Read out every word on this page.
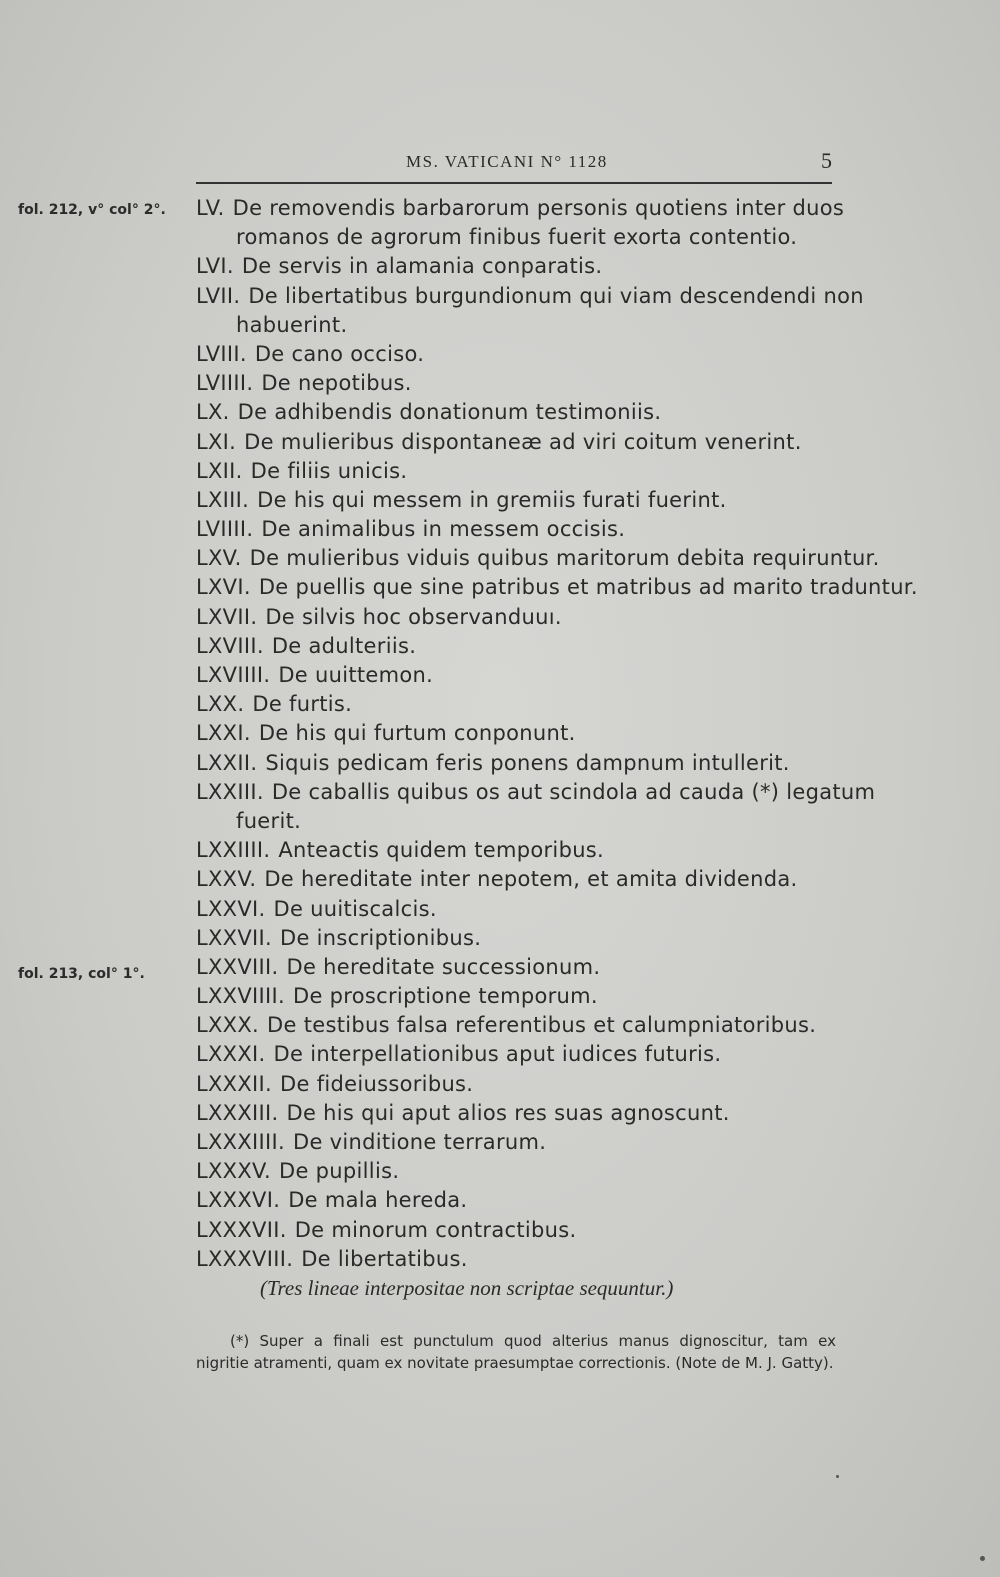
MS. VATICANI N° 1128	5
fol. 212, v° col° 2°.
fol. 213, col° 1°.
LV. De removendis barbarorum personis quotiens inter duos
romanos de agrorum finibus fuerit exorta contentio.
LVI. De servis in alamania conparatis.
LVII. De libertatibus burgundionum qui viam descendendi non
habuerint.
LVIII. De cano occiso.
LVIIII. De nepotibus.
LX. De adhibendis donationum testimoniis.
LXI. De mulieribus dispontaneæ ad viri coitum venerint.
LXII. De filiis unicis.
LXIII. De his qui messem in gremiis furati fuerint.
LVIIII. De animalibus in messem occisis.
LXV. De mulieribus viduis quibus maritorum debita requiruntur.
LXVI. De puellis que sine patribus et matribus ad marito traduntur.
LXVII. De silvis hoc observanduuı.
LXVIII. De adulteriis.
LXVIIII. De uuittemon.
LXX. De furtis.
LXXI. De his qui furtum conponunt.
LXXII. Siquis pedicam feris ponens dampnum intullerit.
LXXIII. De caballis quibus os aut scindola ad cauda (*) legatum
fuerit.
LXXIIII. Anteactis quidem temporibus.
LXXV. De hereditate inter nepotem, et amita dividenda.
LXXVI. De uuitiscalcis.
LXXVII. De inscriptionibus.
LXXVIII. De hereditate successionum.
LXXVIIII. De proscriptione temporum.
LXXX. De testibus falsa referentibus et calumpniatoribus.
LXXXI. De interpellationibus aput iudices futuris.
LXXXII. De fideiussoribus.
LXXXIII. De his qui aput alios res suas agnoscunt.
LXXXIIII. De vinditione terrarum.
LXXXV. De pupillis.
LXXXVI. De mala hereda.
LXXXVII. De minorum contractibus.
LXXXVIII. De libertatibus.
(Tres lineae interpositae non scriptae sequuntur.)

(*) Super a finali est punctulum quod alterius manus dignoscitur, tam ex

nigritie atramenti, quam ex novitate praesumptae correctionis. (Note de M. J. Gatty).
